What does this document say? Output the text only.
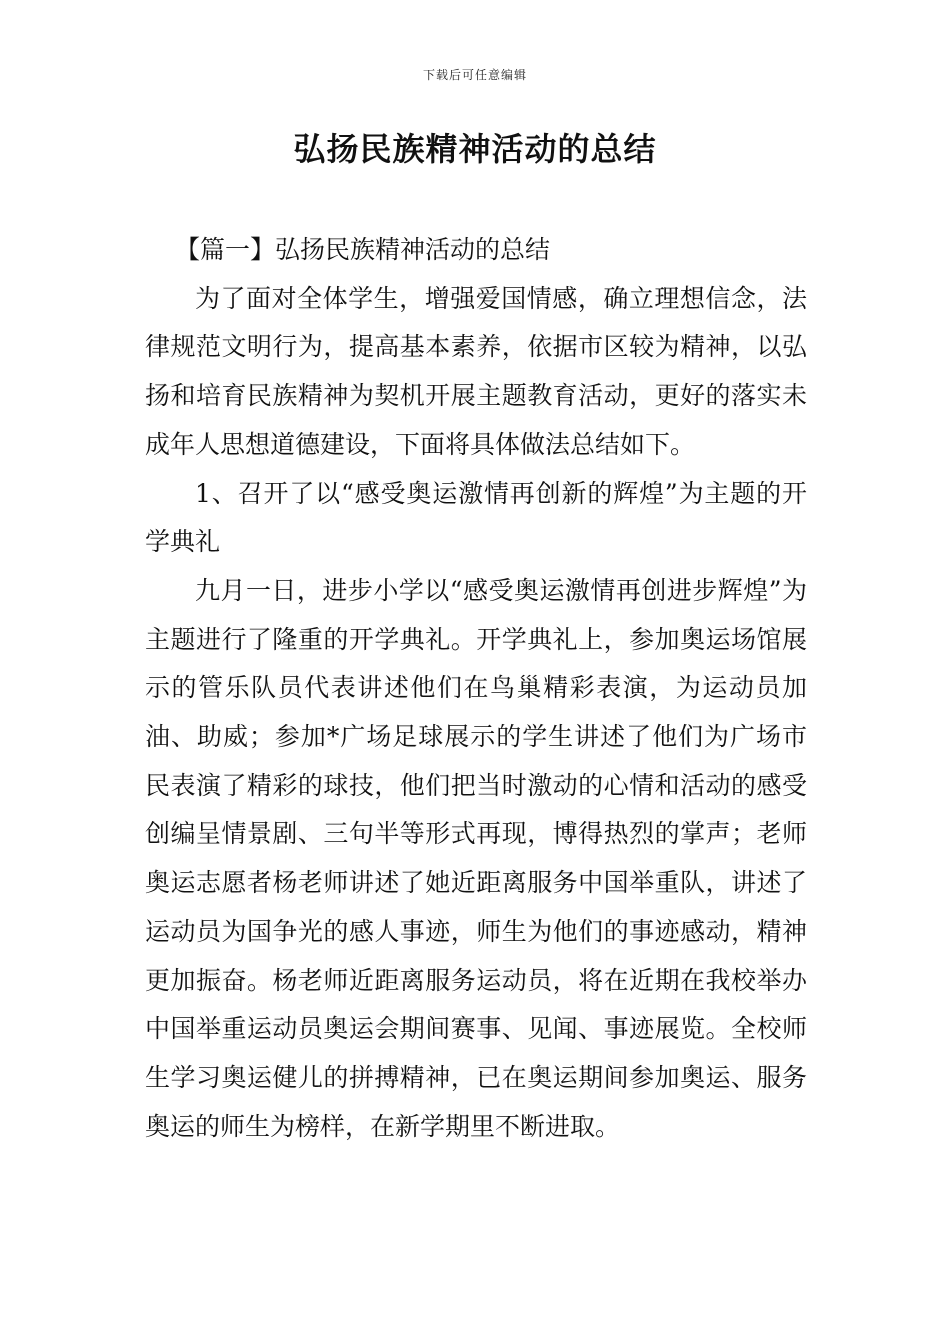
下载后可任意编辑
弘扬民族精神活动的总结

【篇一】弘扬民族精神活动的总结

为了面对全体学生，增强爱国情感，确立理想信念，法律规范文明行为，提高基本素养，依据市区较为精神，以弘扬和培育民族精神为契机开展主题教育活动，更好的落实未成年人思想道德建设，下面将具体做法总结如下。

1、召开了以“感受奥运激情再创新的辉煌”为主题的开学典礼

九月一日，进步小学以“感受奥运激情再创进步辉煌”为主题进行了隆重的开学典礼。开学典礼上，参加奥运场馆展示的管乐队员代表讲述他们在鸟巢精彩表演，为运动员加油、助威；参加*广场足球展示的学生讲述了他们为广场市民表演了精彩的球技，他们把当时激动的心情和活动的感受创编呈情景剧、三句半等形式再现，博得热烈的掌声；老师奥运志愿者杨老师讲述了她近距离服务中国举重队，讲述了运动员为国争光的感人事迹，师生为他们的事迹感动，精神更加振奋。杨老师近距离服务运动员，将在近期在我校举办中国举重运动员奥运会期间赛事、见闻、事迹展览。全校师生学习奥运健儿的拼搏精神，已在奥运期间参加奥运、服务奥运的师生为榜样，在新学期里不断进取。
